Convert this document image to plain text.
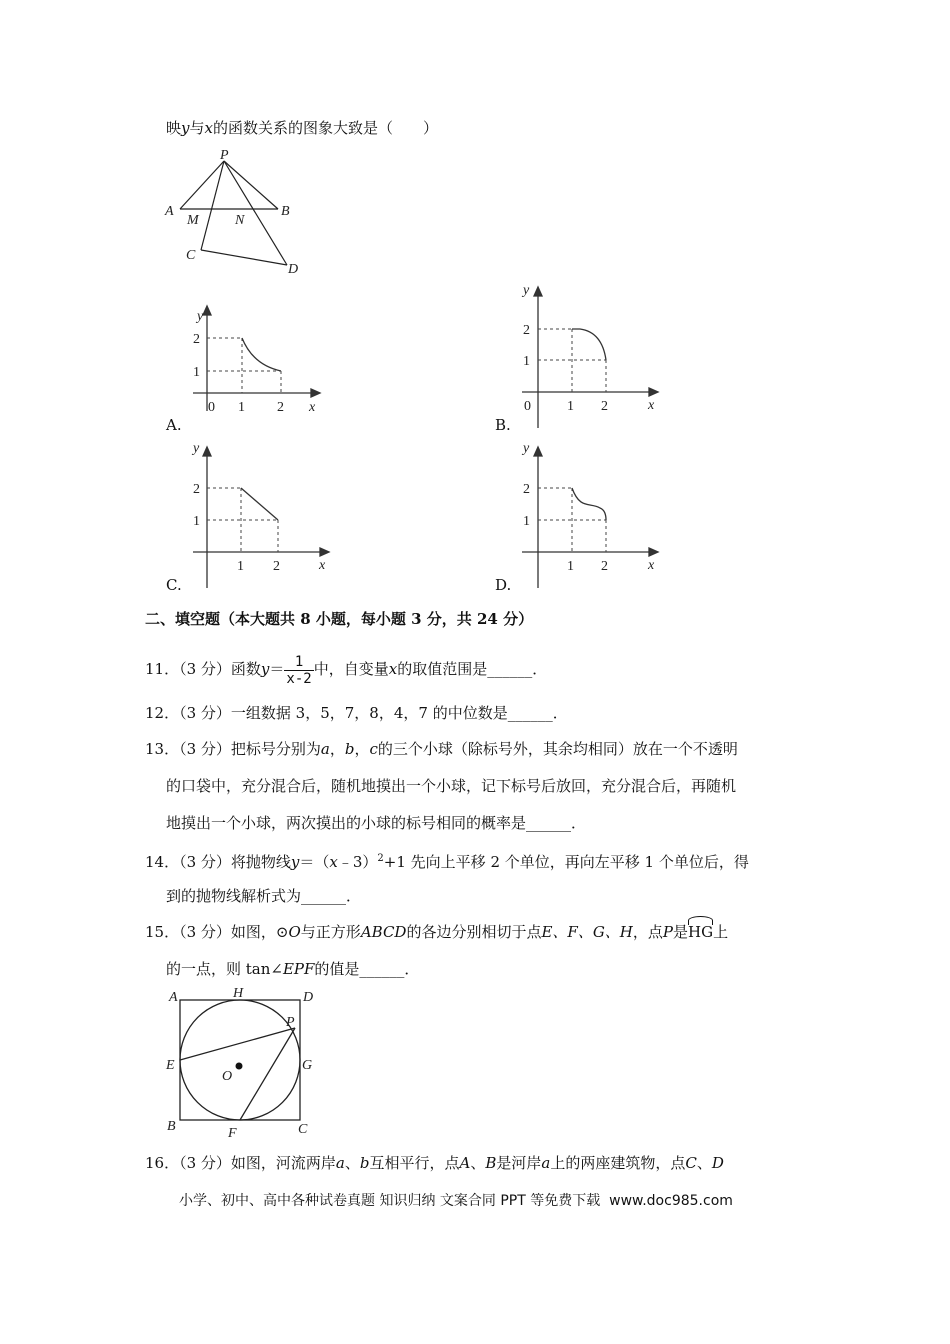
映y与x的函数关系的图象大致是（　　）
P
A
M	N
B
C
D
y
2
1
0 1 2 x
A.
y
2
1
0	1 2	x
B.
y
2
1
1 2	x
C.
y
2
1
1 2	x
D.
二、填空题（本大题共 8 小题，每小题 3 分，共 24 分）
11．（3 分）函数$y= \frac{1}{x-2}$ 中，自变量x的取值范围是______．
12．（3 分）一组数据 3，5，7，8，4，7 的中位数是______．
13．（3 分）把标号分别为a，b，c的三个小球（除标号外，其余均相同）放在一个不透明
的口袋中，充分混合后，随机地摸出一个小球，记下标号后放回，充分混合后，再随机
地摸出一个小球，两次摸出的小球的标号相同的概率是______．
14．（3 分）将抛物线y＝（x﹣3）$^2$+1 先向上平移 2 个单位，再向左平移 1 个单位后，得
到的抛物线解析式为______．
15．（3 分）如图，⊙O与正方形ABCD的各边分别相切于点E、F、G、H，点P是HG上
的一点，则 tan∠EPF的值是______．
A	H	D
P
E
O
G
B	F	C
16．（3 分）如图，河流两岸a、b互相平行，点A、B是河岸a上的两座建筑物，点C、D
小学、初中、高中各种试卷真题 知识归纳 文案合同 PPT 等免费下载 www.doc985.com
